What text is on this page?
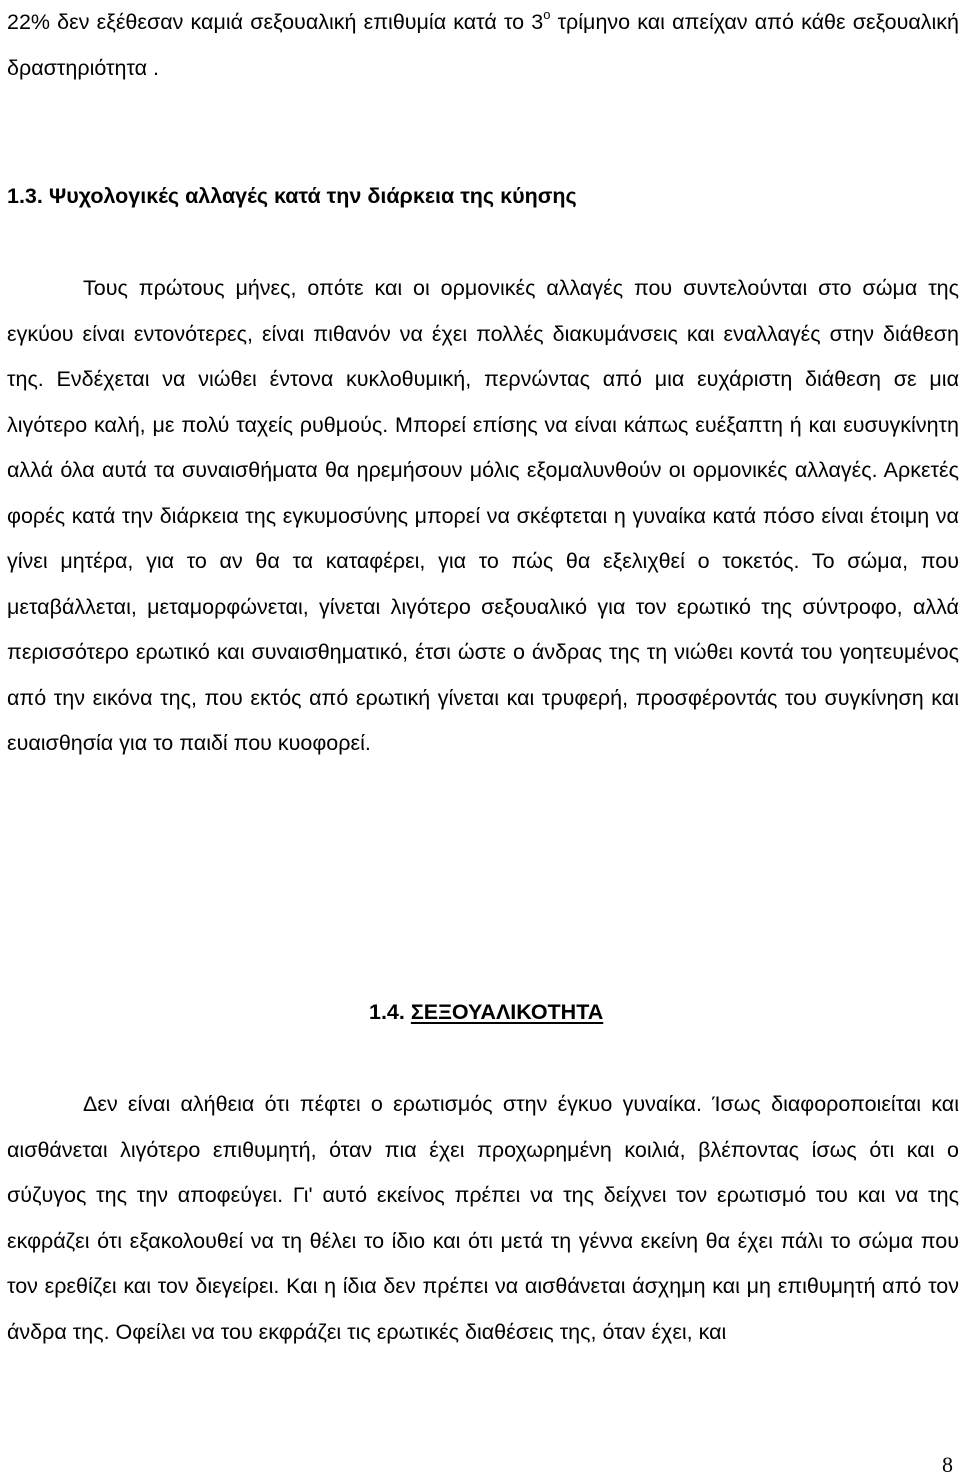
22% δεν εξέθεσαν καμιά σεξουαλική επιθυμία κατά το $3^o$ τρίμηνο και απείχαν από κάθε σεξουαλική δραστηριότητα .

1.3. Ψυχολογικές αλλαγές κατά την διάρκεια της κύησης

Τους πρώτους μήνες, οπότε και οι ορμονικές αλλαγές που συντελούνται στο σώμα της εγκύου είναι εντονότερες, είναι πιθανόν να έχει πολλές διακυμάνσεις και εναλλαγές στην διάθεση της. Ενδέχεται να νιώθει έντονα κυκλοθυμική, περνώντας από μια ευχάριστη διάθεση σε μια λιγότερο καλή, με πολύ ταχείς ρυθμούς. Μπορεί επίσης να είναι κάπως ευέξαπτη ή και ευσυγκίνητη αλλά όλα αυτά τα συναισθήματα θα ηρεμήσουν μόλις εξομαλυνθούν οι ορμονικές αλλαγές. Αρκετές φορές κατά την διάρκεια της εγκυμοσύνης μπορεί να σκέφτεται η γυναίκα κατά πόσο είναι έτοιμη να γίνει μητέρα, για το αν θα τα καταφέρει, για το πώς θα εξελιχθεί ο τοκετός. Το σώμα, που μεταβάλλεται, μεταμορφώνεται, γίνεται λιγότερο σεξουαλικό για τον ερωτικό της σύντροφο, αλλά περισσότερο ερωτικό και συναισθηματικό, έτσι ώστε ο άνδρας της τη νιώθει κοντά του γοητευμένος από την εικόνα της, που εκτός από ερωτική γίνεται και τρυφερή, προσφέροντάς του συγκίνηση και ευαισθησία για το παιδί που κυοφορεί.

1.4. ΣΕΞΟΥΑΛΙΚΟΤΗΤΑ

Δεν είναι αλήθεια ότι πέφτει ο ερωτισμός στην έγκυο γυναίκα. Ίσως διαφοροποιείται και αισθάνεται λιγότερο επιθυμητή, όταν πια έχει προχωρημένη κοιλιά, βλέποντας ίσως ότι και ο σύζυγος της την αποφεύγει. Γι' αυτό εκείνος πρέπει να της δείχνει τον ερωτισμό του και να της εκφράζει ότι εξακολουθεί να τη θέλει το ίδιο και ότι μετά τη γέννα εκείνη θα έχει πάλι το σώμα που τον ερεθίζει και τον διεγείρει. Και η ίδια δεν πρέπει να αισθάνεται άσχημη και μη επιθυμητή από τον άνδρα της. Οφείλει να του εκφράζει τις ερωτικές διαθέσεις της, όταν έχει, και

8
